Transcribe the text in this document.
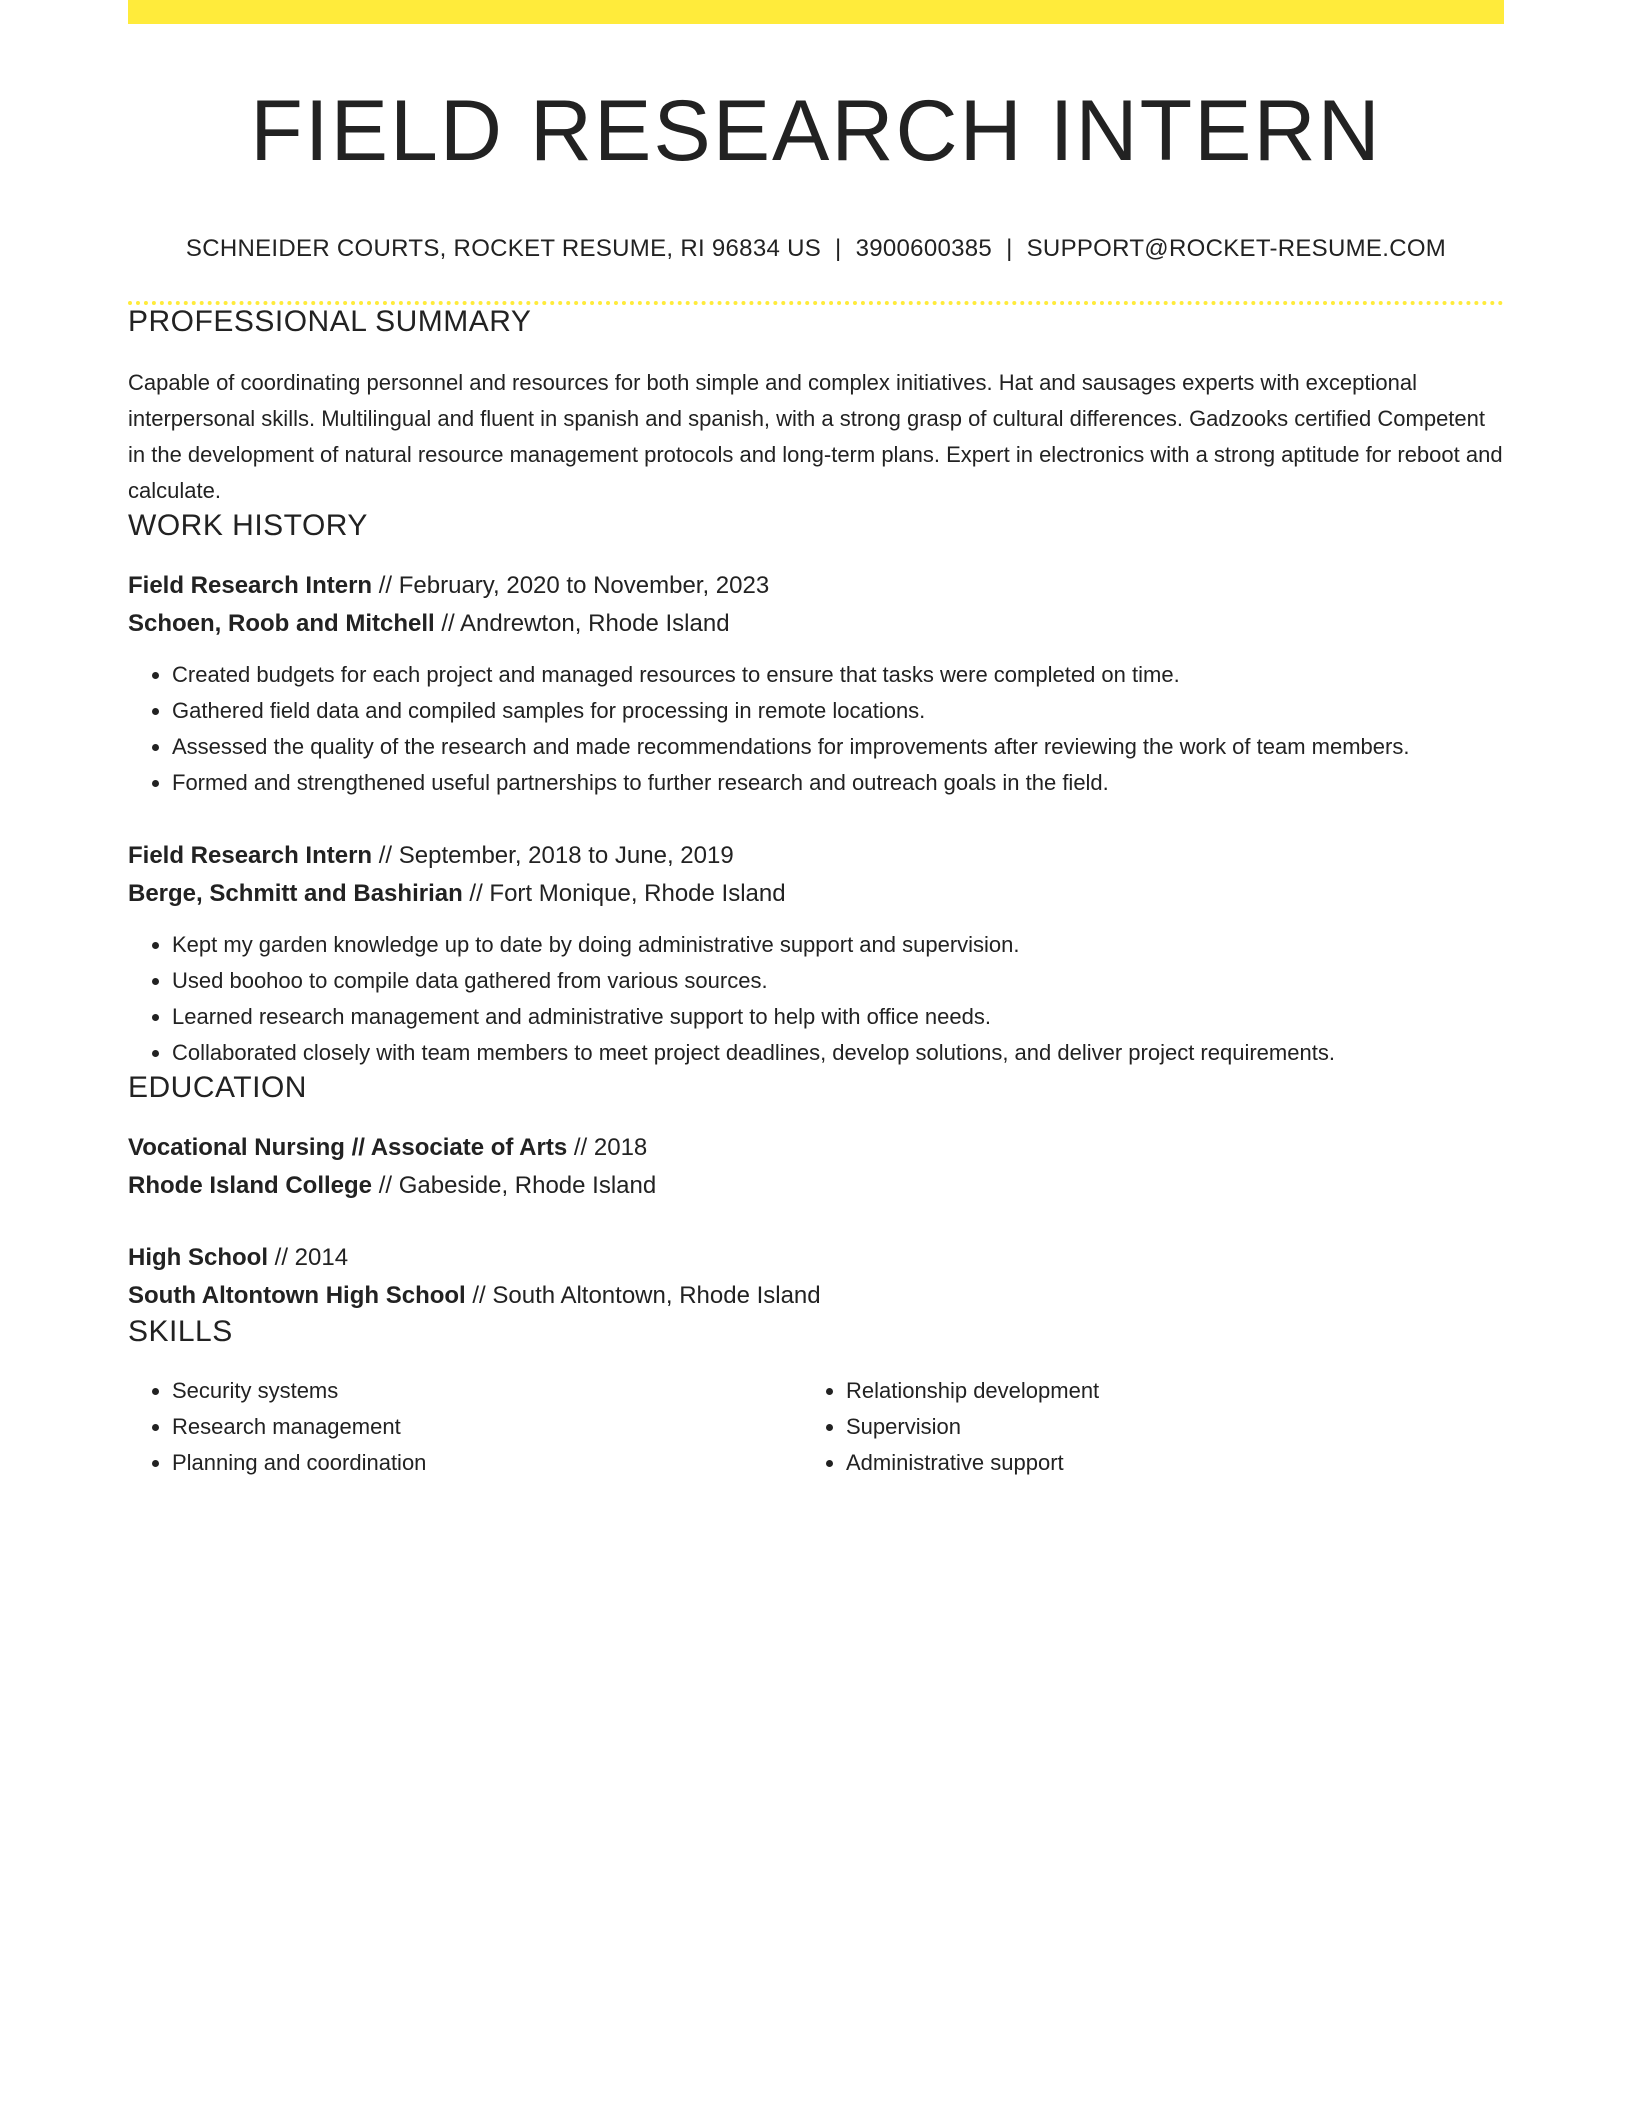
FIELD RESEARCH INTERN
SCHNEIDER COURTS, ROCKET RESUME, RI 96834 US | 3900600385 | SUPPORT@ROCKET-RESUME.COM
PROFESSIONAL SUMMARY
Capable of coordinating personnel and resources for both simple and complex initiatives. Hat and sausages experts with exceptional interpersonal skills. Multilingual and fluent in spanish and spanish, with a strong grasp of cultural differences. Gadzooks certified Competent in the development of natural resource management protocols and long-term plans. Expert in electronics with a strong aptitude for reboot and calculate.
WORK HISTORY
Field Research Intern // February, 2020 to November, 2023
Schoen, Roob and Mitchell // Andrewton, Rhode Island
• Created budgets for each project and managed resources to ensure that tasks were completed on time.
• Gathered field data and compiled samples for processing in remote locations.
• Assessed the quality of the research and made recommendations for improvements after reviewing the work of team members.
• Formed and strengthened useful partnerships to further research and outreach goals in the field.
Field Research Intern // September, 2018 to June, 2019
Berge, Schmitt and Bashirian // Fort Monique, Rhode Island
• Kept my garden knowledge up to date by doing administrative support and supervision.
• Used boohoo to compile data gathered from various sources.
• Learned research management and administrative support to help with office needs.
• Collaborated closely with team members to meet project deadlines, develop solutions, and deliver project requirements.
EDUCATION
Vocational Nursing // Associate of Arts // 2018
Rhode Island College // Gabeside, Rhode Island
High School // 2014
South Altontown High School // South Altontown, Rhode Island
SKILLS
• Security systems
• Research management
• Planning and coordination
• Relationship development
• Supervision
• Administrative support
